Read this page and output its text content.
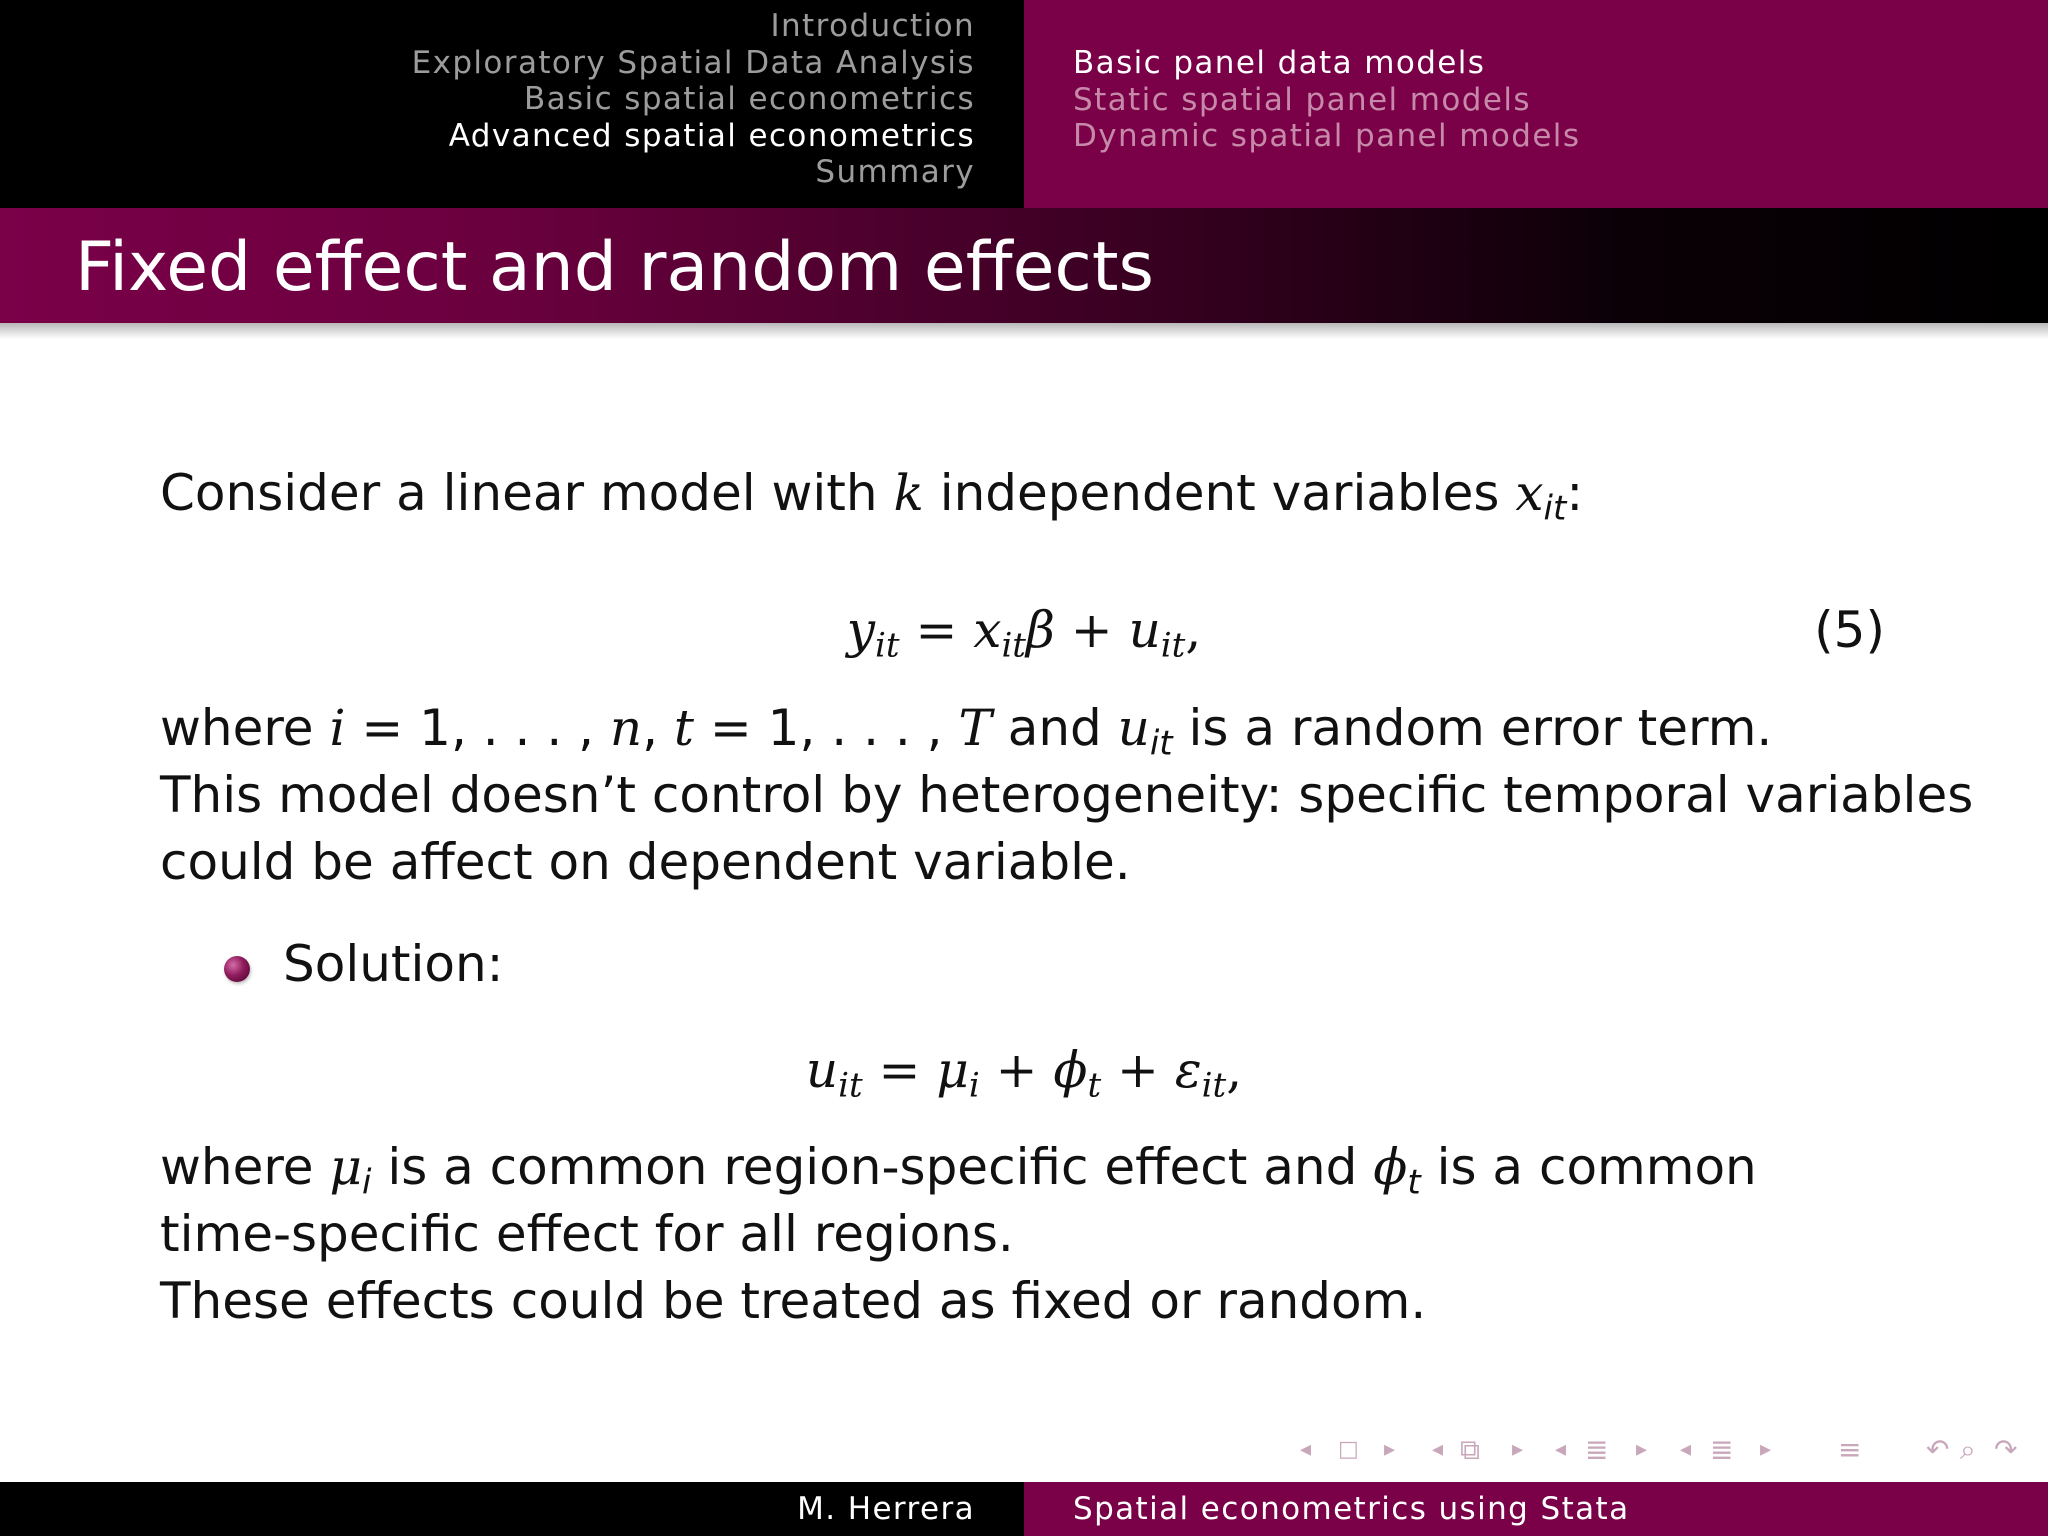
Introduction
Exploratory Spatial Data Analysis
Basic spatial econometrics
Advanced spatial econometrics
Summary
Basic panel data models
Static spatial panel models
Dynamic spatial panel models
Fixed effect and random effects

Consider a linear model with k independent variables $x_{it}$:

$y_{it} = x_{it}\beta + u_{it}$,	(5)

where i = 1, . . . , n, t = 1, . . . , T and $u_{it}$ is a random error term.

This model doesn’t control by heterogeneity: specific temporal variables

could be affect on dependent variable.

Solution:

$u_{it} = \mu_i + \phi_t + \varepsilon_{it}$,

where $\mu_i$ is a common region-specific effect and $\phi_t$ is a common

time-specific effect for all regions.

These effects could be treated as fixed or random.

◂ □ ▸ ◂ ⧉ ▸ ◂ ≣ ▸ ◂ ≣ ▸ ≡ ↶ ⌕ ↷
M. Herrera	Spatial econometrics using Stata
